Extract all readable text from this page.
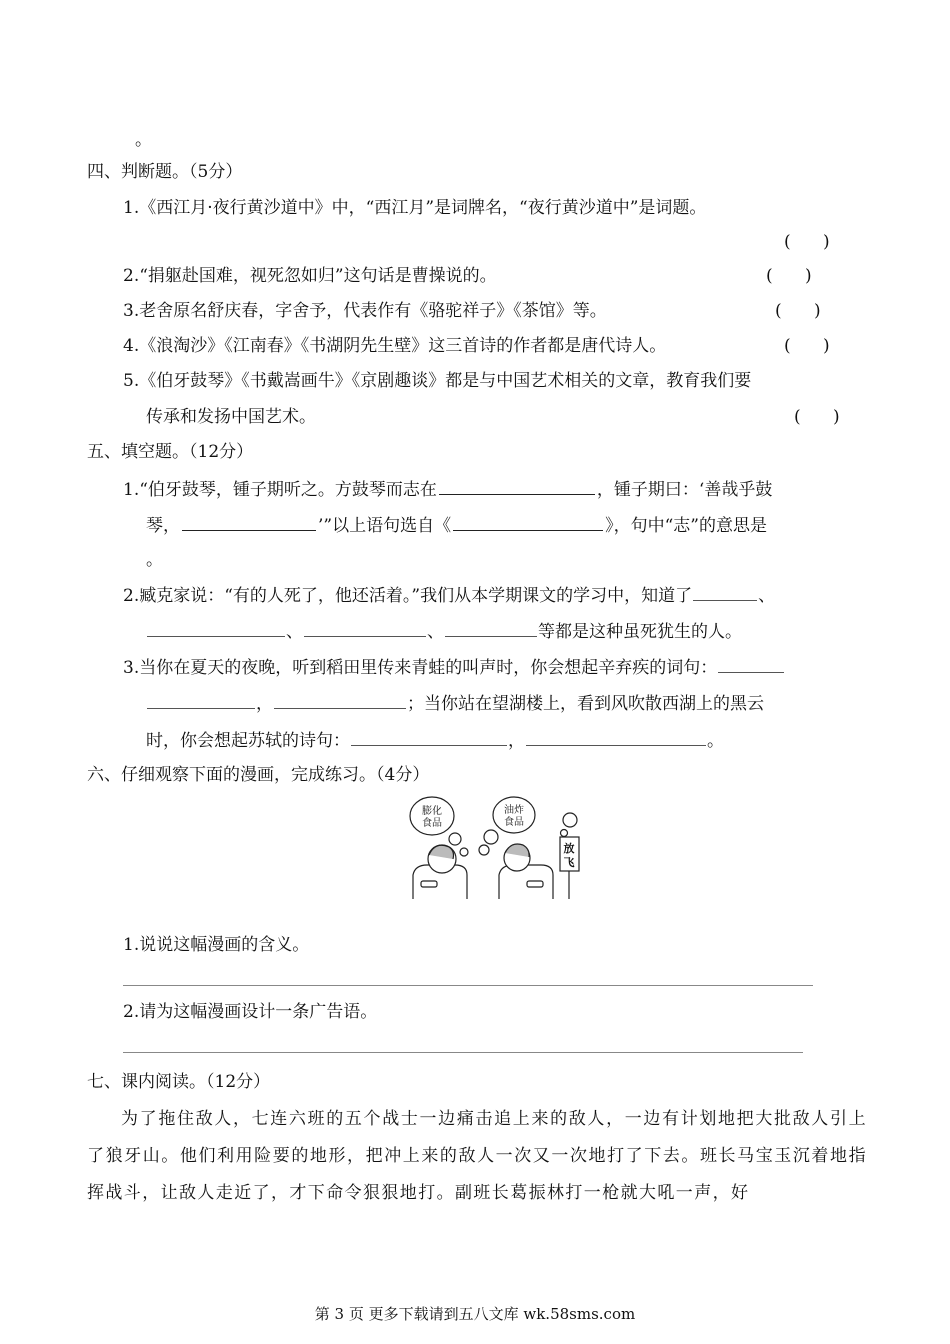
。
四、判断题。（5分）
1.《西江月·夜行黄沙道中》中，“西江月”是词牌名，“夜行黄沙道中”是词题。
(      )
2.“捐躯赴国难，视死忽如归”这句话是曹操说的。	(      )
3.老舍原名舒庆春，字舍予，代表作有《骆驼祥子》《茶馆》等。	(      )
4.《浪淘沙》《江南春》《书湖阴先生壁》这三首诗的作者都是唐代诗人。	(      )
5.《伯牙鼓琴》《书戴嵩画牛》《京剧趣谈》都是与中国艺术相关的文章，教育我们要
传承和发扬中国艺术。	(      )
五、填空题。（12分）
1.“伯牙鼓琴，锺子期听之。方鼓琴而志在	，锺子期曰：‘善哉乎鼓
琴，	’”以上语句选自《	》，句中“志”的意思是
。
2.臧克家说：“有的人死了，他还活着。”我们从本学期课文的学习中，知道了	、
、	、	等都是这种虽死犹生的人。
3.当你在夏天的夜晚，听到稻田里传来青蛙的叫声时，你会想起辛弃疾的词句：
，	；当你站在望湖楼上，看到风吹散西湖上的黑云
时，你会想起苏轼的诗句：	，	。
六、仔细观察下面的漫画，完成练习。（4分）
膨化
食品
油炸
食品
放
飞
1.说说这幅漫画的含义。
2.请为这幅漫画设计一条广告语。
七、课内阅读。（12分）
为了拖住敌人，七连六班的五个战士一边痛击追上来的敌人，一边有计划地把大批敌人引上了狼牙山。他们利用险要的地形，把冲上来的敌人一次又一次地打了下去。班长马宝玉沉着地指挥战斗，让敌人走近了，才下命令狠狠地打。副班长葛振林打一枪就大吼一声，好
第 3 页 更多下载请到五八文库 wk.58sms.com
